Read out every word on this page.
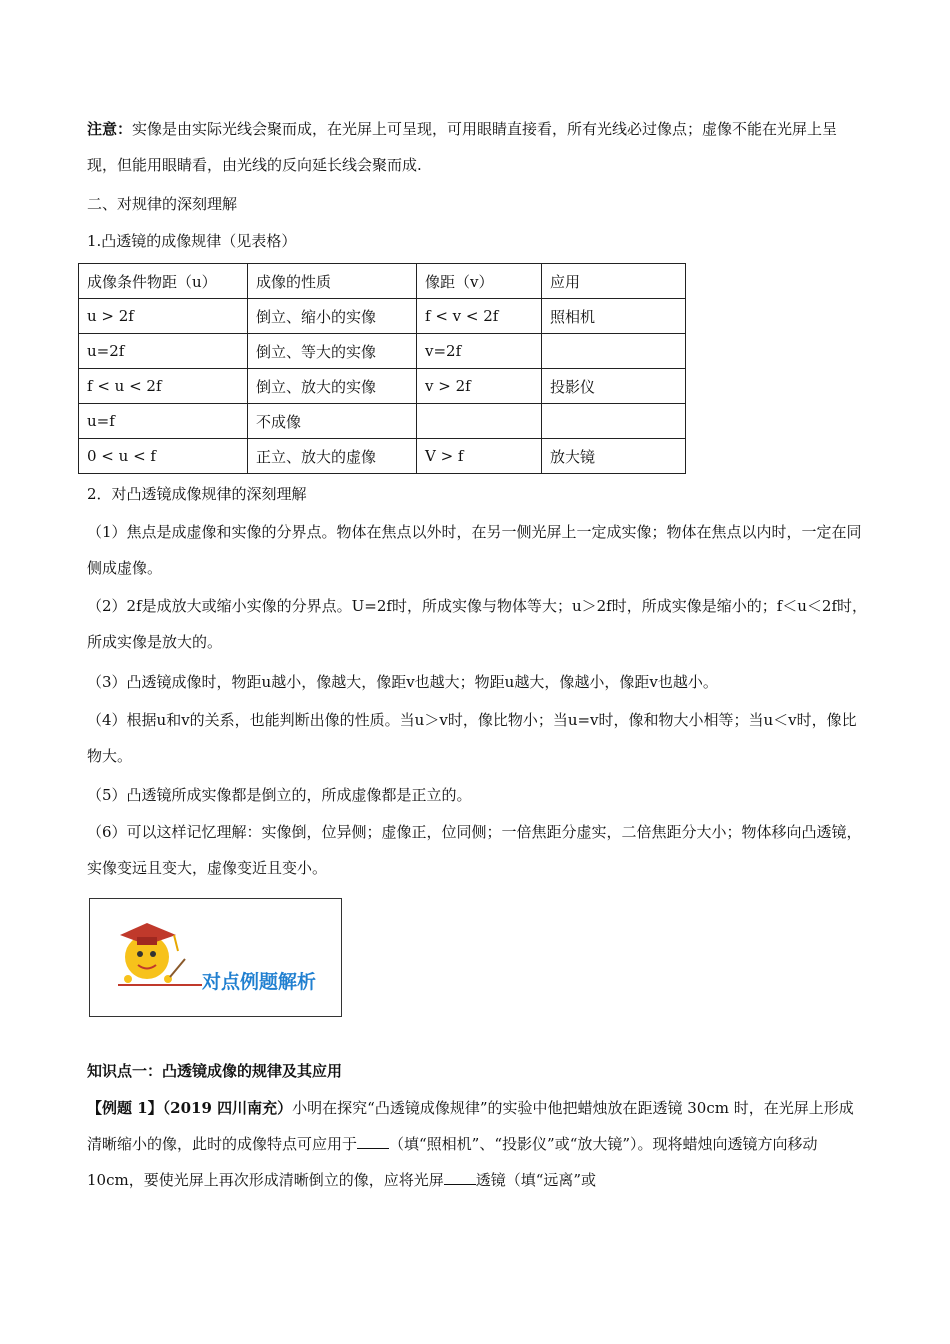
注意：实像是由实际光线会聚而成，在光屏上可呈现，可用眼睛直接看，所有光线必过像点；虚像不能在光屏上呈现，但能用眼睛看，由光线的反向延长线会聚而成.

二、对规律的深刻理解

1.凸透镜的成像规律（见表格）

成像条件物距（u）	成像的性质	像距（v）	应用
u > 2f	倒立、缩小的实像	f < v < 2f	照相机
u=2f	倒立、等大的实像	v=2f	
f < u < 2f	倒立、放大的实像	v > 2f	投影仪
u=f	不成像		
0 < u < f	正立、放大的虚像	V > f	放大镜

2．对凸透镜成像规律的深刻理解

（1）焦点是成虚像和实像的分界点。物体在焦点以外时，在另一侧光屏上一定成实像；物体在焦点以内时，一定在同侧成虚像。

（2）2f是成放大或缩小实像的分界点。U=2f时，所成实像与物体等大；u＞2f时，所成实像是缩小的；f＜u＜2f时，所成实像是放大的。

（3）凸透镜成像时，物距u越小，像越大，像距v也越大；物距u越大，像越小，像距v也越小。

（4）根据u和v的关系，也能判断出像的性质。当u＞v时，像比物小；当u=v时，像和物大小相等；当u＜v时，像比物大。

（5）凸透镜所成实像都是倒立的，所成虚像都是正立的。

（6）可以这样记忆理解：实像倒，位异侧；虚像正，位同侧；一倍焦距分虚实，二倍焦距分大小；物体移向凸透镜，实像变远且变大，虚像变近且变小。

对点例题解析

知识点一：凸透镜成像的规律及其应用

【例题 1】（2019 四川南充）小明在探究“凸透镜成像规律”的实验中他把蜡烛放在距透镜 30cm 时，在光屏上形成清晰缩小的像，此时的成像特点可应用于 （填“照相机”、“投影仪”或“放大镜”）。现将蜡烛向透镜方向移动 10cm，要使光屏上再次形成清晰倒立的像，应将光屏 透镜（填“远离”或
